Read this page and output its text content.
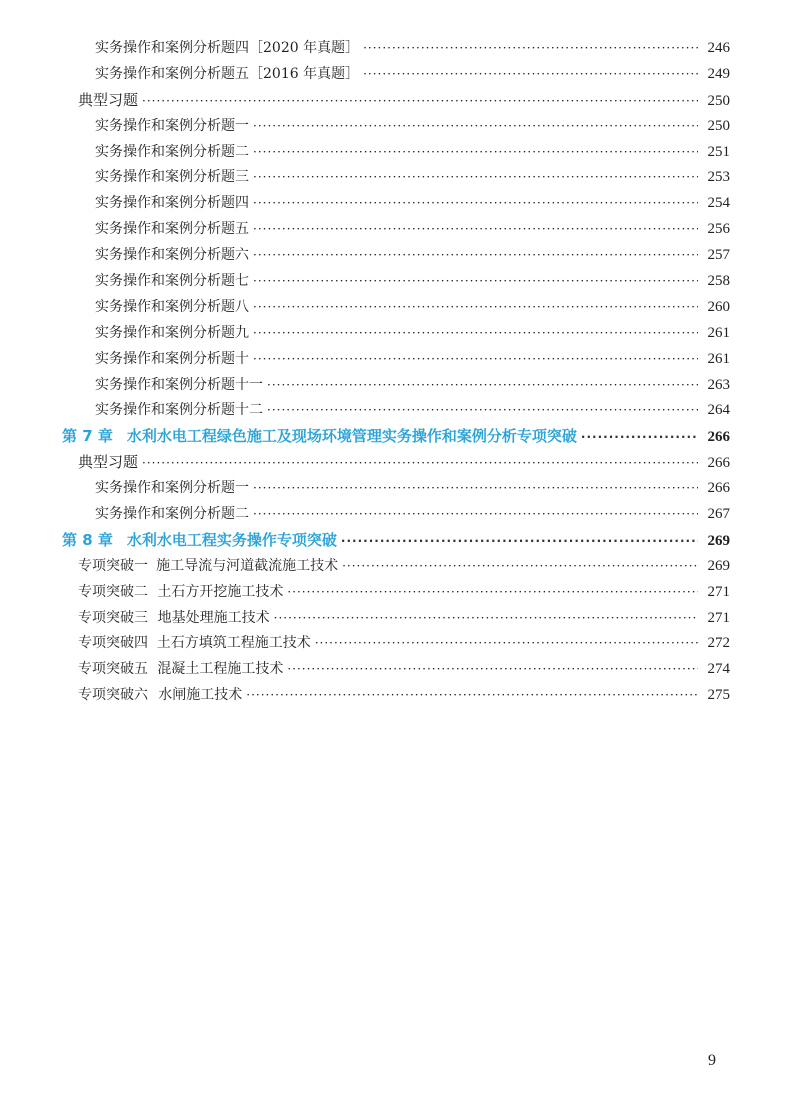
实务操作和案例分析题四［2020 年真题］ ·····	246
实务操作和案例分析题五［2016 年真题］ ·····	249
典型习题 ·····	250
实务操作和案例分析题一 ·····	250
实务操作和案例分析题二 ·····	251
实务操作和案例分析题三 ·····	253
实务操作和案例分析题四 ·····	254
实务操作和案例分析题五 ·····	256
实务操作和案例分析题六 ·····	257
实务操作和案例分析题七 ·····	258
实务操作和案例分析题八 ·····	260
实务操作和案例分析题九 ·····	261
实务操作和案例分析题十 ·····	261
实务操作和案例分析题十一 ·····	263
实务操作和案例分析题十二 ·····	264
第 7 章 水利水电工程绿色施工及现场环境管理实务操作和案例分析专项突破 ·····	266
典型习题 ·····	266
实务操作和案例分析题一 ·····	266
实务操作和案例分析题二 ·····	267
第 8 章 水利水电工程实务操作专项突破 ·····	269
专项突破一 施工导流与河道截流施工技术 ·····	269
专项突破二 土石方开挖施工技术 ·····	271
专项突破三 地基处理施工技术 ·····	271
专项突破四 土石方填筑工程施工技术 ·····	272
专项突破五 混凝土工程施工技术 ·····	274
专项突破六 水闸施工技术 ·····	275
9
